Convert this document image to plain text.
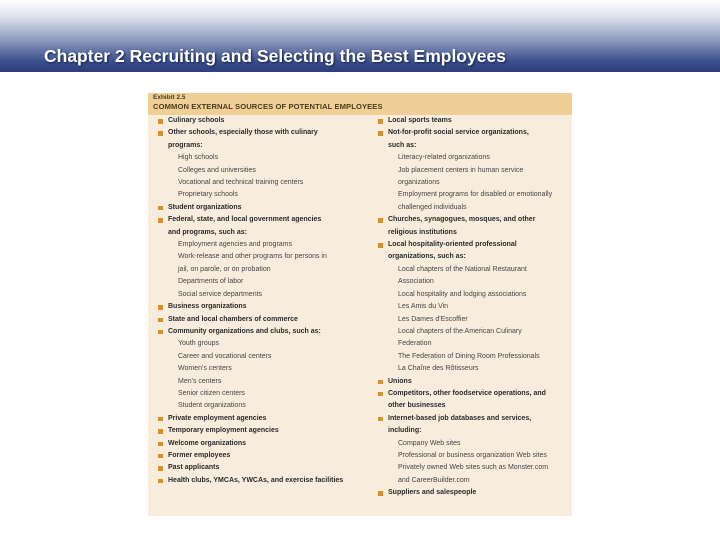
Chapter 2 Recruiting and Selecting the Best Employees
Exhibit 2.5
COMMON EXTERNAL SOURCES OF POTENTIAL EMPLOYEES
Culinary schools
Other schools, especially those with culinary
programs:
High schools
Colleges and universities
Vocational and technical training centers
Proprietary schools
Student organizations
Federal, state, and local government agencies
and programs, such as:
Employment agencies and programs
Work-release and other programs for persons in
jail, on parole, or on probation
Departments of labor
Social service departments
Business organizations
State and local chambers of commerce
Community organizations and clubs, such as:
Youth groups
Career and vocational centers
Women's centers
Men's centers
Senior citizen centers
Student organizations
Private employment agencies
Temporary employment agencies
Welcome organizations
Former employees
Past applicants
Health clubs, YMCAs, YWCAs, and exercise facilities
Local sports teams
Not-for-profit social service organizations,
such as:
Literacy-related organizations
Job placement centers in human service
organizations
Employment programs for disabled or emotionally
challenged individuals
Churches, synagogues, mosques, and other
religious institutions
Local hospitality-oriented professional
organizations, such as:
Local chapters of the National Restaurant
Association
Local hospitality and lodging associations
Les Amis du Vin
Les Dames d'Escoffier
Local chapters of the American Culinary
Federation
The Federation of Dining Room Professionals
La Chaîne des Rôtisseurs
Unions
Competitors, other foodservice operations, and
other businesses
Internet-based job databases and services,
including:
Company Web sites
Professional or business organization Web sites
Privately owned Web sites such as Monster.com
and CareerBuilder.com
Suppliers and salespeople
